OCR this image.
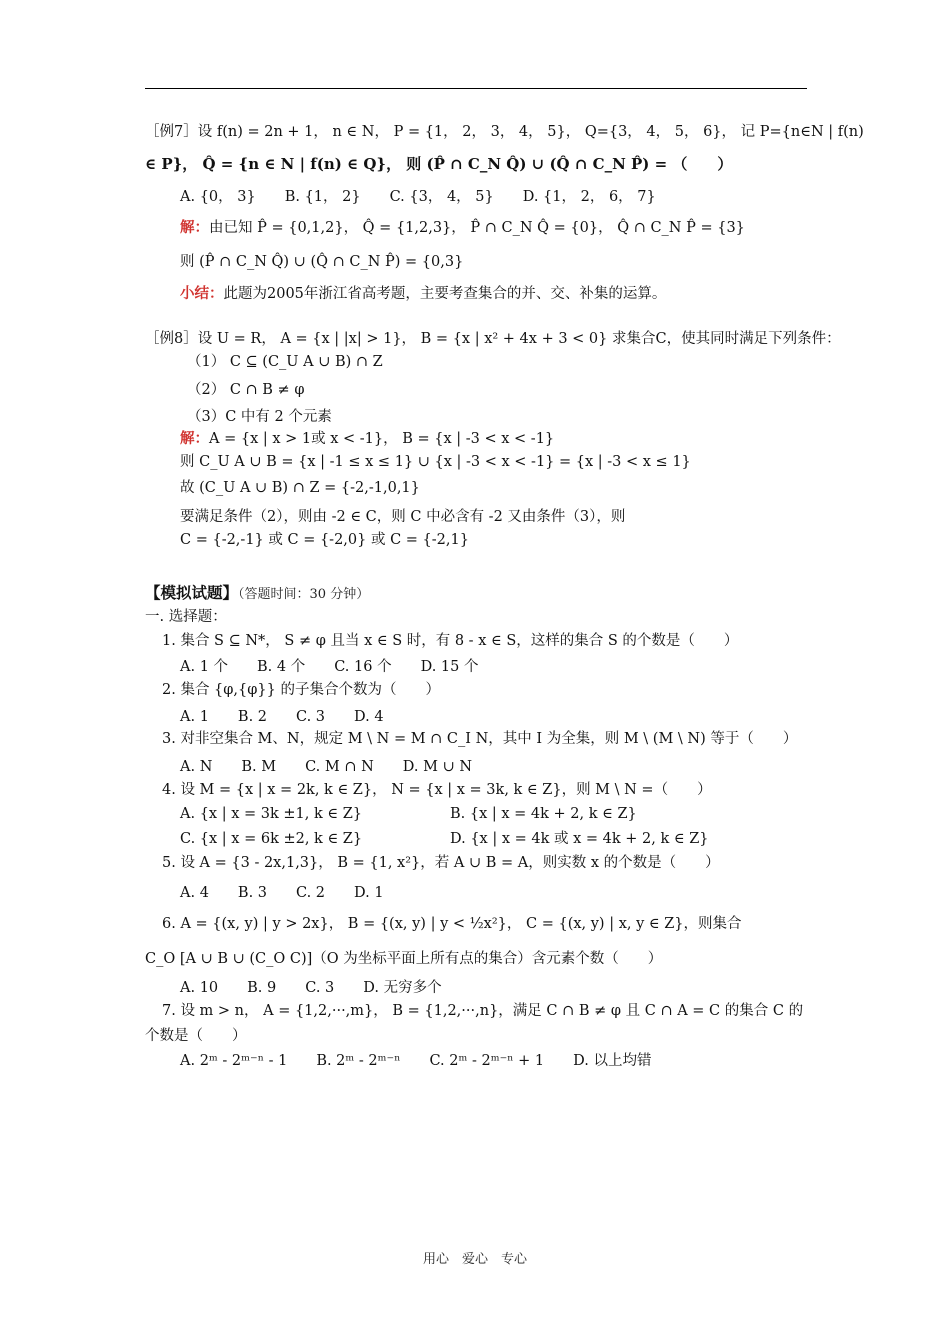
［例7］设 f(n) = 2n + 1， n ∈ N， P = {1， 2， 3， 4， 5}， Q={3， 4， 5， 6}， 记 P={n∈N | f(n)
∈ P}， Q̂ = {n ∈ N | f(n) ∈ Q}， 则 (P̂ ∩ C_N Q̂) ∪ (Q̂ ∩ C_N P̂) = （　　）
A. {0， 3}　　B. {1， 2}　　C. {3， 4， 5}　　D. {1， 2， 6， 7}
解：由已知 P̂ = {0,1,2}， Q̂ = {1,2,3}， P̂ ∩ C_N Q̂ = {0}， Q̂ ∩ C_N P̂ = {3}
则 (P̂ ∩ C_N Q̂) ∪ (Q̂ ∩ C_N P̂) = {0,3}
小结：此题为2005年浙江省高考题，主要考查集合的并、交、补集的运算。
［例8］设 U = R， A = {x | |x| > 1}， B = {x | x² + 4x + 3 < 0} 求集合C，使其同时满足下列条件：
（1） C ⊆ (C_U A ∪ B) ∩ Z
（2） C ∩ B ≠ φ
（3）C 中有 2 个元素
解：A = {x | x > 1或 x < -1}， B = {x | -3 < x < -1}
则 C_U A ∪ B = {x | -1 ≤ x ≤ 1} ∪ {x | -3 < x < -1} = {x | -3 < x ≤ 1}
故 (C_U A ∪ B) ∩ Z = {-2,-1,0,1}
要满足条件（2），则由 -2 ∈ C，则 C 中必含有 -2 又由条件（3），则
C = {-2,-1} 或 C = {-2,0} 或 C = {-2,1}
【模拟试题】（答题时间：30 分钟）
一. 选择题：
1. 集合 S ⊆ N*， S ≠ φ 且当 x ∈ S 时，有 8 - x ∈ S，这样的集合 S 的个数是（　　）
A. 1 个　　B. 4 个　　C. 16 个　　D. 15 个
2. 集合 {φ,{φ}} 的子集合个数为（　　）
A. 1　　B. 2　　C. 3　　D. 4
3. 对非空集合 M、N，规定 M \ N = M ∩ C_I N，其中 I 为全集，则 M \ (M \ N) 等于（　　）
A. N　　B. M　　C. M ∩ N　　D. M ∪ N
4. 设 M = {x | x = 2k, k ∈ Z}， N = {x | x = 3k, k ∈ Z}，则 M \ N =（　　）
A. {x | x = 3k ±1, k ∈ Z}	B. {x | x = 4k + 2, k ∈ Z}
C. {x | x = 6k ±2, k ∈ Z}	D. {x | x = 4k 或 x = 4k + 2, k ∈ Z}
5. 设 A = {3 - 2x,1,3}， B = {1, x²}，若 A ∪ B = A，则实数 x 的个数是（　　）
A. 4　　B. 3　　C. 2　　D. 1
6. A = {(x, y) | y > 2x}， B = {(x, y) | y < ½x²}， C = {(x, y) | x, y ∈ Z}，则集合
C_O [A ∪ B ∪ (C_O C)]（O 为坐标平面上所有点的集合）含元素个数（　　）
A. 10　　B. 9　　C. 3　　D. 无穷多个
7. 设 m > n， A = {1,2,···,m}， B = {1,2,···,n}，满足 C ∩ B ≠ φ 且 C ∩ A = C 的集合 C 的
个数是（　　）
A. 2ᵐ - 2ᵐ⁻ⁿ - 1　　B. 2ᵐ - 2ᵐ⁻ⁿ　　C. 2ᵐ - 2ᵐ⁻ⁿ + 1　　D. 以上均错
用心　爱心　专心
